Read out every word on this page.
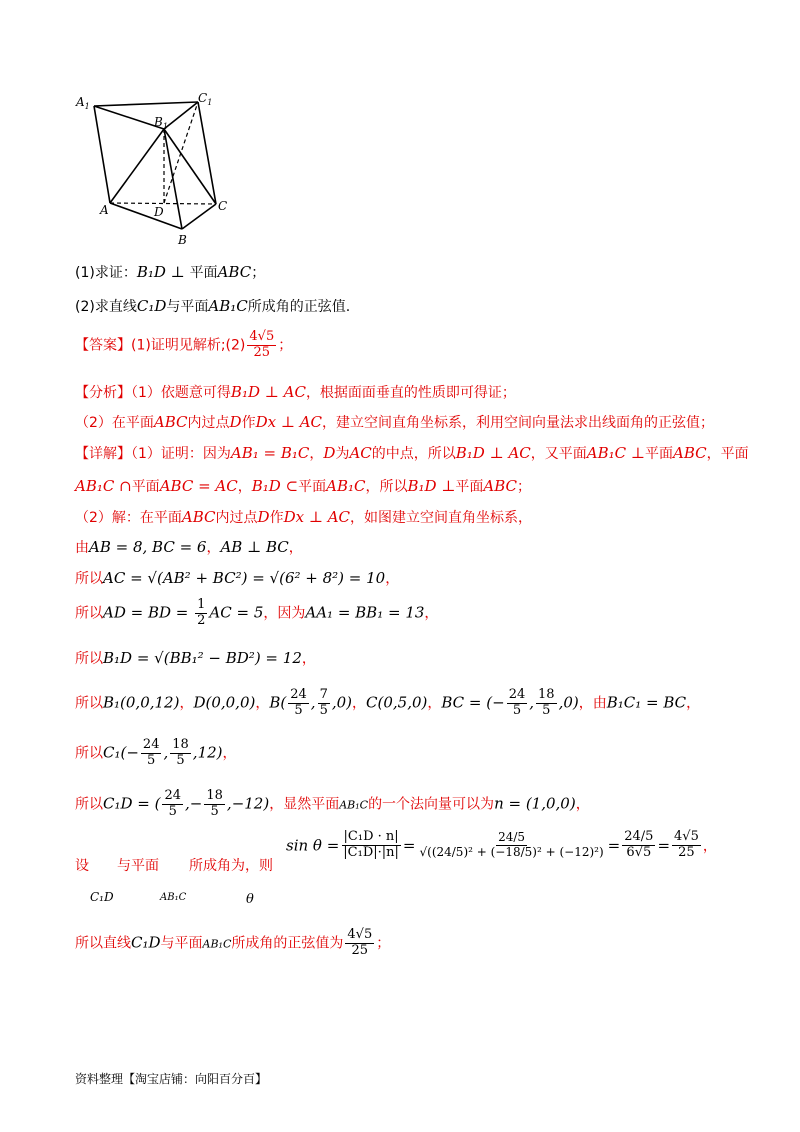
$A_1$
$C_1$
$B_1$
A	D	C
B
(1)求证：B₁D ⊥ 平面ABC；
(2)求直线C₁D与平面AB₁C所成角的正弦值.
【答案】(1)证明见解析;(2) $\frac{4√5}{25}$ ；
【分析】（1）依题意可得B₁D ⊥ AC，根据面面垂直的性质即可得证；
（2）在平面ABC内过点D作Dx ⊥ AC，建立空间直角坐标系，利用空间向量法求出线面角的正弦值；
【详解】（1）证明：因为AB₁ = B₁C，D为AC的中点，所以B₁D ⊥ AC，又平面AB₁C ⊥平面ABC，平面
AB₁C ∩平面ABC = AC，B₁D ⊂平面AB₁C，所以B₁D ⊥平面ABC；
（2）解：在平面ABC内过点D作Dx ⊥ AC，如图建立空间直角坐标系，
由AB = 8, BC = 6，AB ⊥ BC，
所以AC = √(AB² + BC²) = √(6² + 8²) = 10，
所以AD = BD = $\frac{1}{2}$ AC = 5，因为AA₁ = BB₁ = 13，
所以B₁D = √(BB₁² − BD²) = 12，
所以B₁(0,0,12)，D(0,0,0)，$B( \frac{24}{5}$ , $\frac{7}{5} ,0$)，C(0,5,0)，BC = (− $\frac{24}{5}$ , $\frac{18}{5} ,0$)，由B₁C₁ = BC，
所以$C_1(- \frac{24}{5}$ , $\frac{18}{5} ,12$)，
所以C₁D = ( $\frac{24}{5}$ ,− $\frac{18}{5} ,-12$)，显然平面AB₁C的一个法向量可以为n = (1,0,0)，
设 与平面 所成角为，则
$\sin \theta = \frac{\text{|C₁D · n|}}{\text{|C₁D|·|n|}} = \frac{24/5}{\text{√((24/5)² + (−18/5)² + (−12)²)}} = \frac{24/5}{6√5} = \frac{4√5}{25}$ ，
C₁D	AB₁C	θ
所以直线C₁D与平面AB₁C所成角的正弦值为 $\frac{4√5}{25}$ ；
资料整理【淘宝店铺：向阳百分百】
